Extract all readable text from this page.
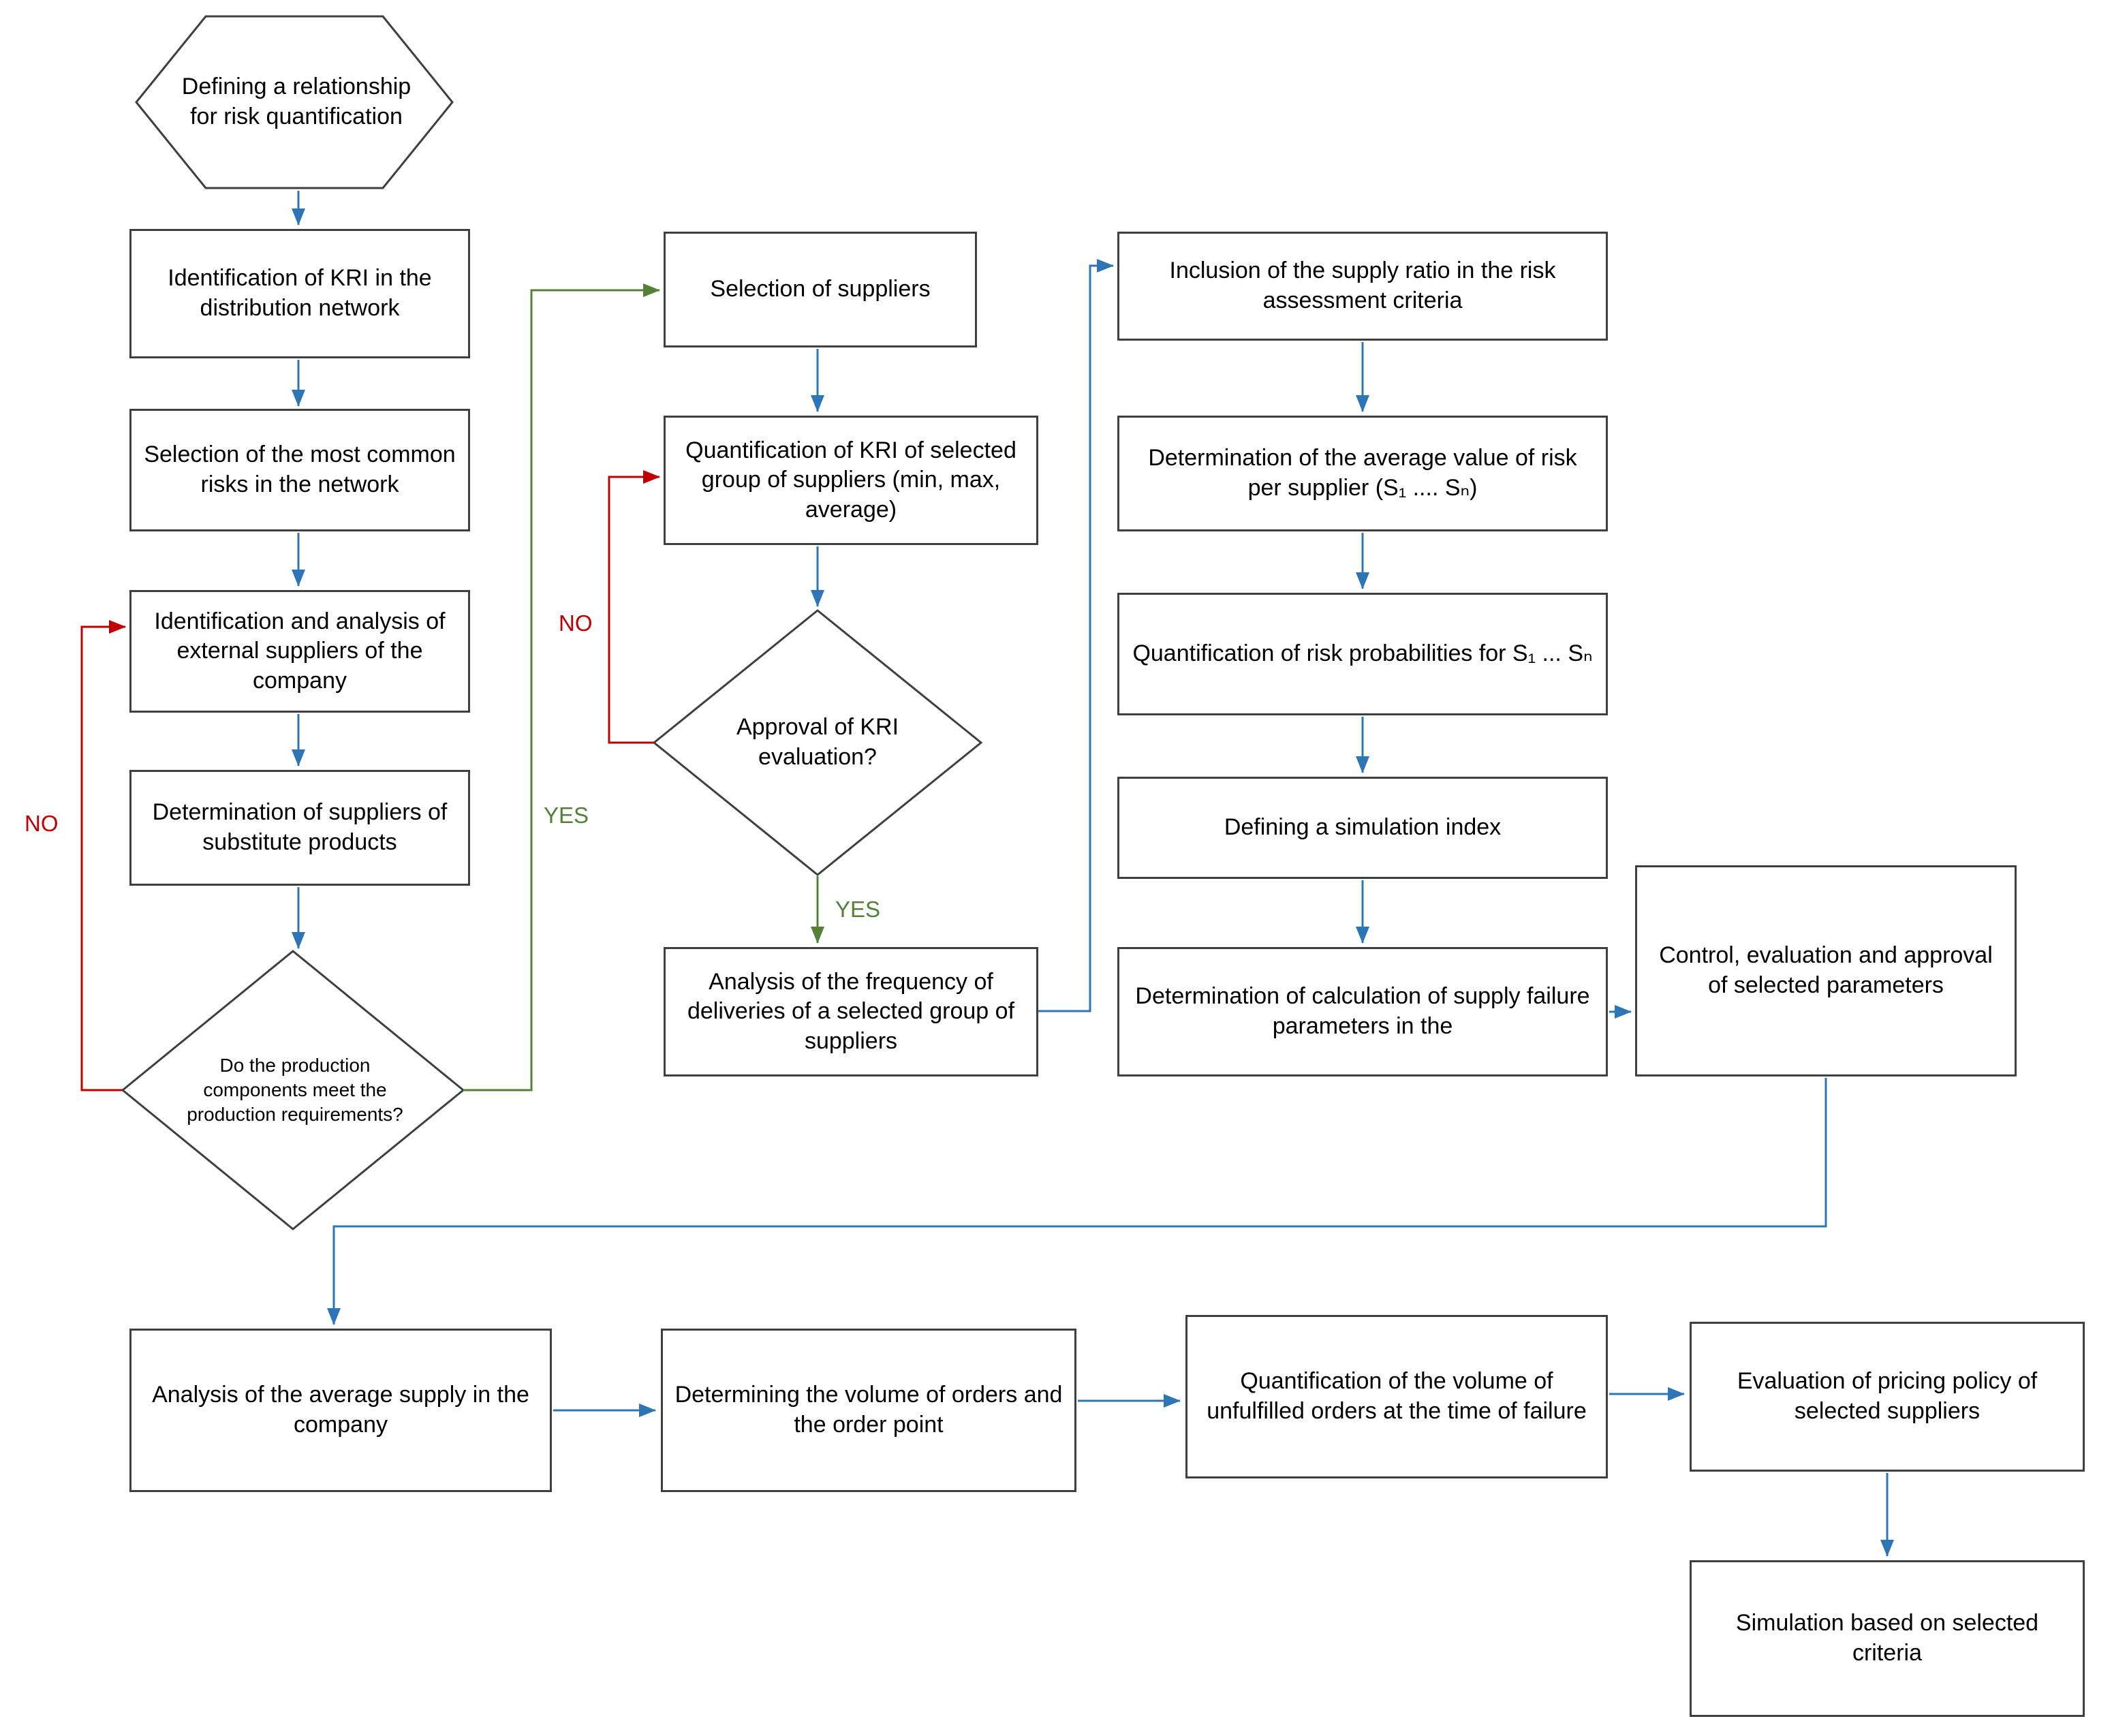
Identification of KRI in the distribution network
Selection of the most common risks in the network
Identification and analysis of external suppliers of the company
Determination of suppliers of substitute products
Selection of suppliers
Quantification of KRI of selected group of suppliers (min, max, average)
Analysis of the frequency of deliveries of a selected group of suppliers
Inclusion of the supply ratio in the risk assessment criteria
Determination of the average value of risk per supplier (S₁ .... Sₙ)
Quantification of risk probabilities for S₁ ... Sₙ
Defining a simulation index
Determination of calculation of supply failure parameters in the
Control, evaluation and approval of selected parameters
Analysis of the average supply in the company
Determining the volume of orders and the order point
Quantification of the volume of unfulfilled orders at the time of failure
Evaluation of pricing policy of selected suppliers
Simulation based on selected criteria
Defining a relationship for risk quantification
Do the production components meet the production requirements?
Approval of KRI evaluation?
NO	YES
NO
YES
